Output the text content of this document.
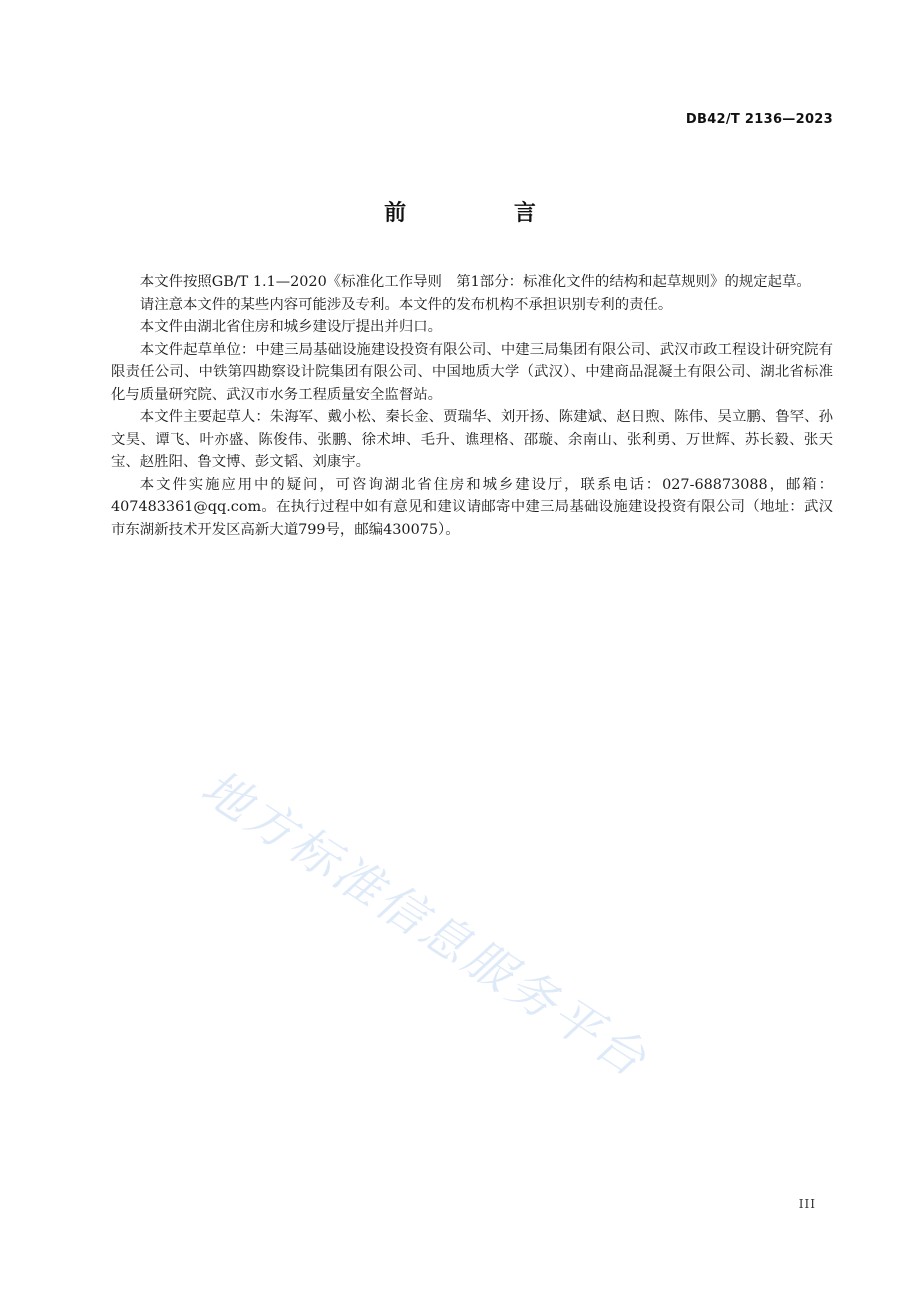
DB42/T 2136—2023
前 言

本文件按照GB/T 1.1—2020《标准化工作导则　第1部分：标准化文件的结构和起草规则》的规定起草。

请注意本文件的某些内容可能涉及专利。本文件的发布机构不承担识别专利的责任。

本文件由湖北省住房和城乡建设厅提出并归口。

本文件起草单位：中建三局基础设施建设投资有限公司、中建三局集团有限公司、武汉市政工程设计研究院有限责任公司、中铁第四勘察设计院集团有限公司、中国地质大学（武汉）、中建商品混凝土有限公司、湖北省标准化与质量研究院、武汉市水务工程质量安全监督站。

本文件主要起草人：朱海军、戴小松、秦长金、贾瑞华、刘开扬、陈建斌、赵日煦、陈伟、吴立鹏、鲁罕、孙文昊、谭飞、叶亦盛、陈俊伟、张鹏、徐术坤、毛升、谯理格、邵璇、余南山、张利勇、万世辉、苏长毅、张天宝、赵胜阳、鲁文博、彭文韬、刘康宇。

本文件实施应用中的疑问，可咨询湖北省住房和城乡建设厅，联系电话：027-68873088，邮箱：407483361@qq.com。在执行过程中如有意见和建议请邮寄中建三局基础设施建设投资有限公司（地址：武汉市东湖新技术开发区高新大道799号，邮编430075）。

地方标准信息服务平台
III
